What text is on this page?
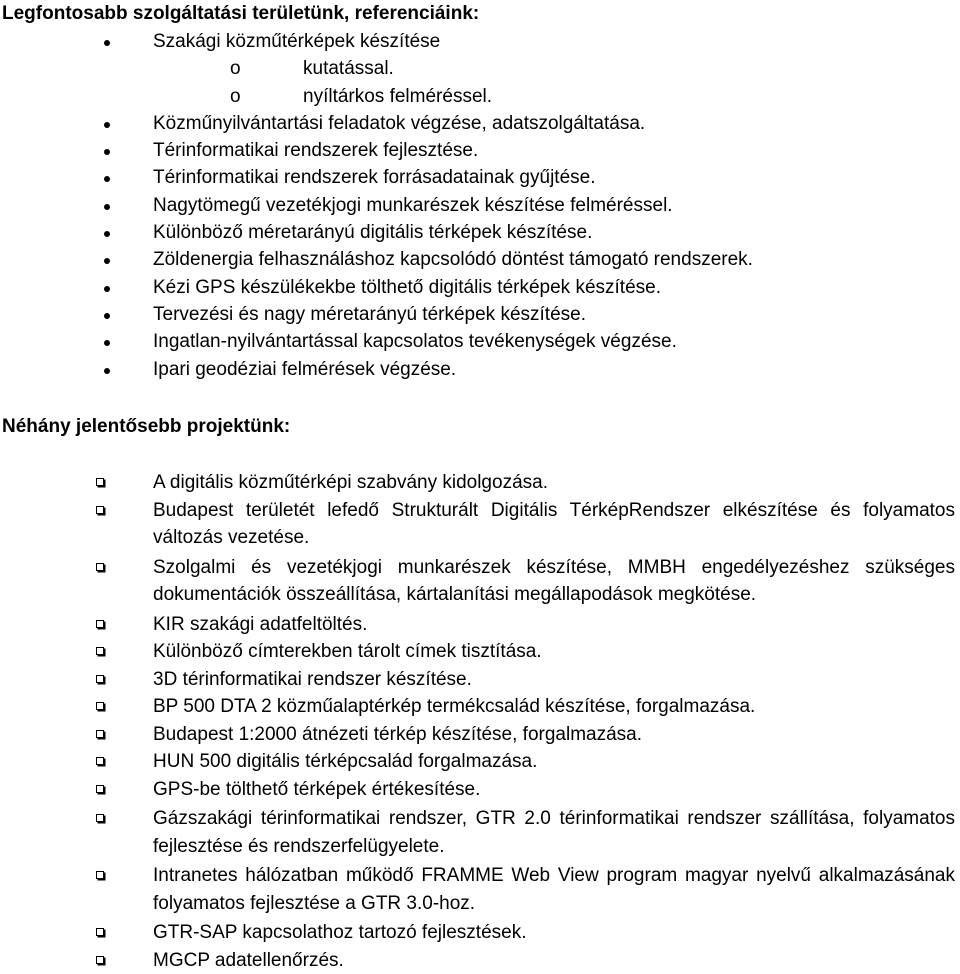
Legfontosabb szolgáltatási területünk, referenciáink:
Szakági közműtérképek készítése
o	kutatással.
o	nyíltárkos felméréssel.
Közműnyilvántartási feladatok végzése, adatszolgáltatása.
Térinformatikai rendszerek fejlesztése.
Térinformatikai rendszerek forrásadatainak gyűjtése.
Nagytömegű vezetékjogi munkarészek készítése felméréssel.
Különböző méretarányú digitális térképek készítése.
Zöldenergia felhasználáshoz kapcsolódó döntést támogató rendszerek.
Kézi GPS készülékekbe tölthető digitális térképek készítése.
Tervezési és nagy méretarányú térképek készítése.
Ingatlan-nyilvántartással kapcsolatos tevékenységek végzése.
Ipari geodéziai felmérések végzése.
Néhány jelentősebb projektünk:
A digitális közműtérképi szabvány kidolgozása.
Budapest területét lefedő Strukturált Digitális TérképRendszer elkészítése és folyamatos változás vezetése.
Szolgalmi és vezetékjogi munkarészek készítése, MMBH engedélyezéshez szükséges dokumentációk összeállítása, kártalanítási megállapodások megkötése.
KIR szakági adatfeltöltés.
Különböző címterekben tárolt címek tisztítása.
3D térinformatikai rendszer készítése.
BP 500 DTA 2 közműalaptérkép termékcsalád készítése, forgalmazása.
Budapest 1:2000 átnézeti térkép készítése, forgalmazása.
HUN 500 digitális térképcsalád forgalmazása.
GPS-be tölthető térképek értékesítése.
Gázszakági térinformatikai rendszer, GTR 2.0 térinformatikai rendszer szállítása, folyamatos fejlesztése és rendszerfelügyelete.
Intranetes hálózatban működő FRAMME Web View program magyar nyelvű alkalmazásának folyamatos fejlesztése a GTR 3.0-hoz.
GTR-SAP kapcsolathoz tartozó fejlesztések.
MGCP adatellenőrzés.
